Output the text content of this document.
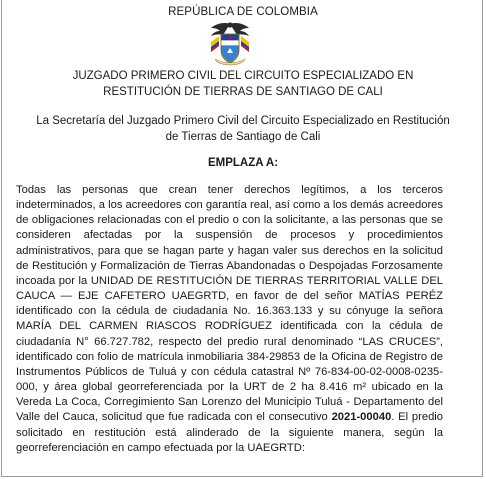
REPÚBLICA DE COLOMBIA
JUZGADO PRIMERO CIVIL DEL CIRCUITO ESPECIALIZADO EN RESTITUCIÓN DE TIERRAS DE SANTIAGO DE CALI
La Secretaría del Juzgado Primero Civil del Circuito Especializado en Restitución de Tierras de Santiago de Cali
EMPLAZA A:
Todas las personas que crean tener derechos legítimos, a los terceros indeterminados, a los acreedores con garantía real, así como a los demás acreedores de obligaciones relacionadas con el predio o con la solicitante, a las personas que se consideren afectadas por la suspensión de procesos y procedimientos administrativos, para que se hagan parte y hagan valer sus derechos en la solicitud de Restitución y Formalización de Tierras Abandonadas o Despojadas Forzosamente incoada por la UNIDAD DE RESTITUCIÓN DE TIERRAS TERRITORIAL VALLE DEL CAUCA — EJE CAFETERO UAEGRTD, en favor de del señor MATÍAS PERÉZ identificado con la cédula de ciudadanía No. 16.363.133 y su cónyuge la señora MARÍA DEL CARMEN RIASCOS RODRÍGUEZ identificada con la cédula de ciudadanía N° 66.727.782, respecto del predio rural denominado “LAS CRUCES”, identificado con folio de matrícula inmobiliaria 384-29853 de la Oficina de Registro de Instrumentos Públicos de Tuluá y con cédula catastral Nº 76-834-00-02-0008-0235-000, y área global georreferenciada por la URT de 2 ha 8.416 m² ubicado en la Vereda La Coca, Corregimiento San Lorenzo del Municipio Tuluá - Departamento del Valle del Cauca, solicitud que fue radicada con el consecutivo 2021-00040. El predio solicitado en restitución está alinderado de la siguiente manera, según la georreferenciación en campo efectuada por la UAEGRTD:
